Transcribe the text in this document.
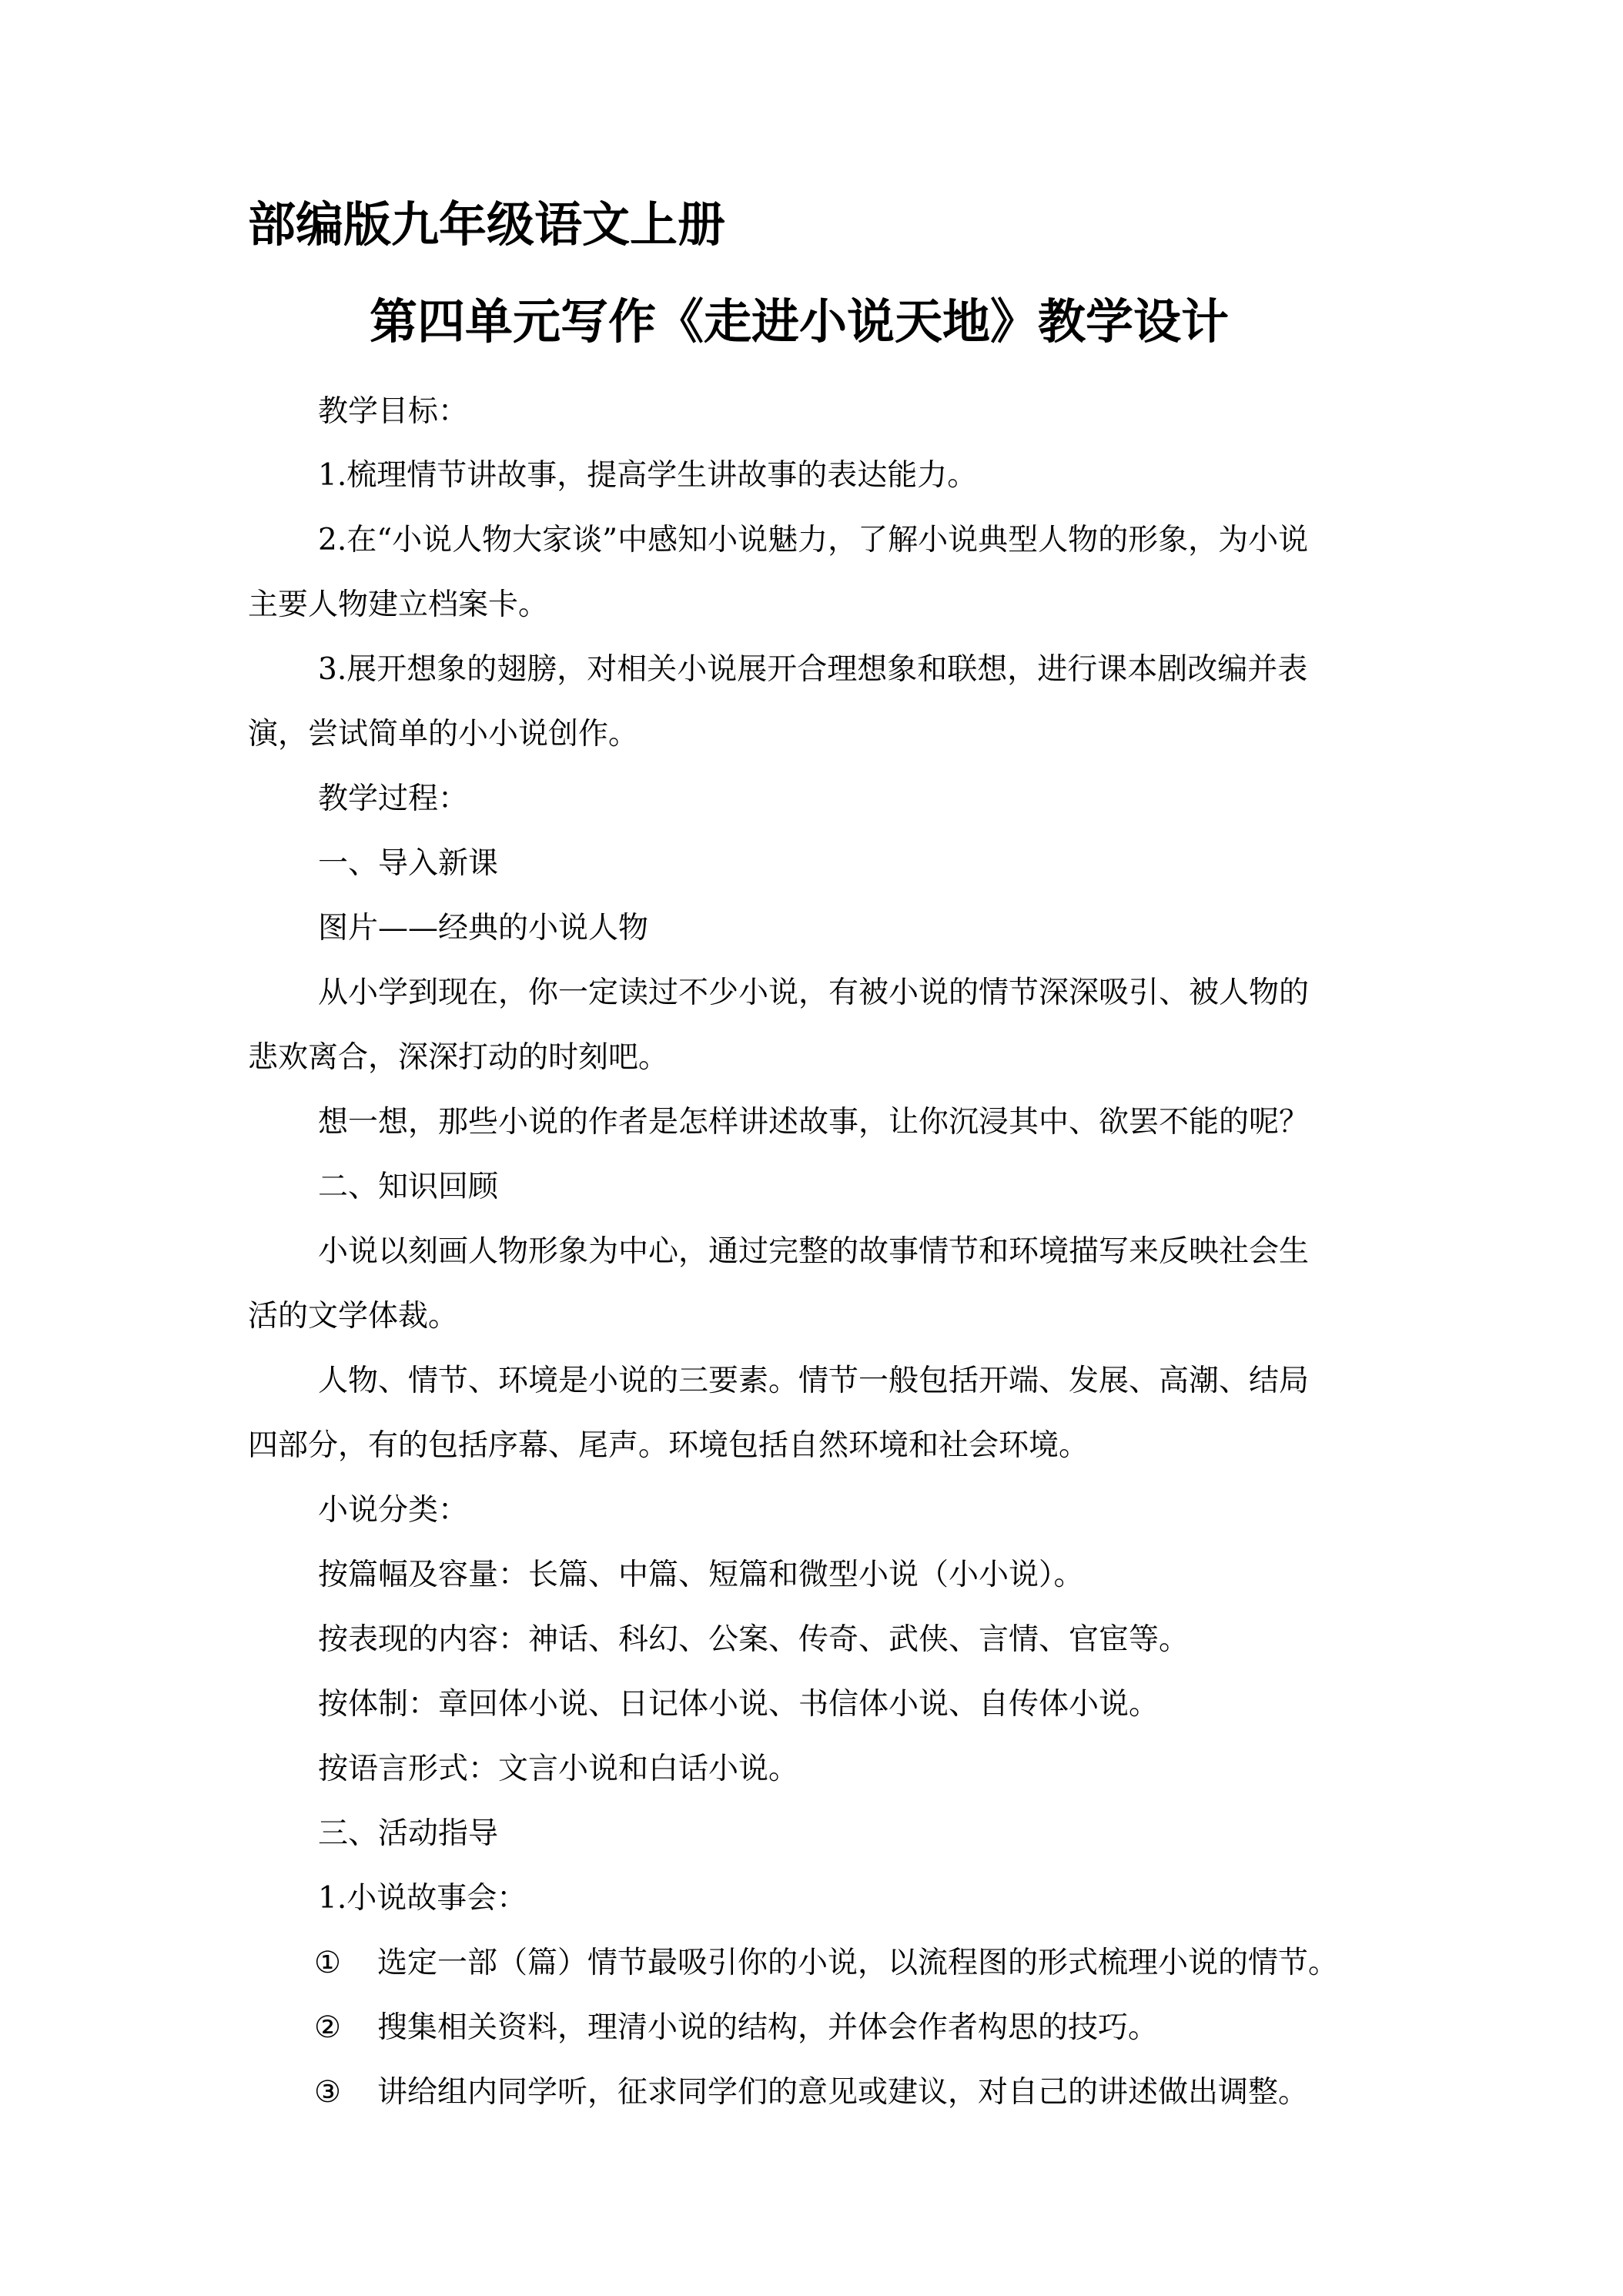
部编版九年级语文上册
第四单元写作《走进小说天地》教学设计
教学目标：
1.梳理情节讲故事，提高学生讲故事的表达能力。
2.在“小说人物大家谈”中感知小说魅力，了解小说典型人物的形象，为小说
主要人物建立档案卡。
3.展开想象的翅膀，对相关小说展开合理想象和联想，进行课本剧改编并表
演，尝试简单的小小说创作。
教学过程：
一、导入新课
图片——经典的小说人物
从小学到现在，你一定读过不少小说，有被小说的情节深深吸引、被人物的
悲欢离合，深深打动的时刻吧。
想一想，那些小说的作者是怎样讲述故事，让你沉浸其中、欲罢不能的呢？
二、知识回顾
小说以刻画人物形象为中心，通过完整的故事情节和环境描写来反映社会生
活的文学体裁。
人物、情节、环境是小说的三要素。情节一般包括开端、发展、高潮、结局
四部分，有的包括序幕、尾声。环境包括自然环境和社会环境。
小说分类：
按篇幅及容量：长篇、中篇、短篇和微型小说（小小说）。
按表现的内容：神话、科幻、公案、传奇、武侠、言情、官宦等。
按体制：章回体小说、日记体小说、书信体小说、自传体小说。
按语言形式：文言小说和白话小说。
三、活动指导
1.小说故事会：
① 选定一部（篇）情节最吸引你的小说，以流程图的形式梳理小说的情节。
② 搜集相关资料，理清小说的结构，并体会作者构思的技巧。
③ 讲给组内同学听，征求同学们的意见或建议，对自己的讲述做出调整。
